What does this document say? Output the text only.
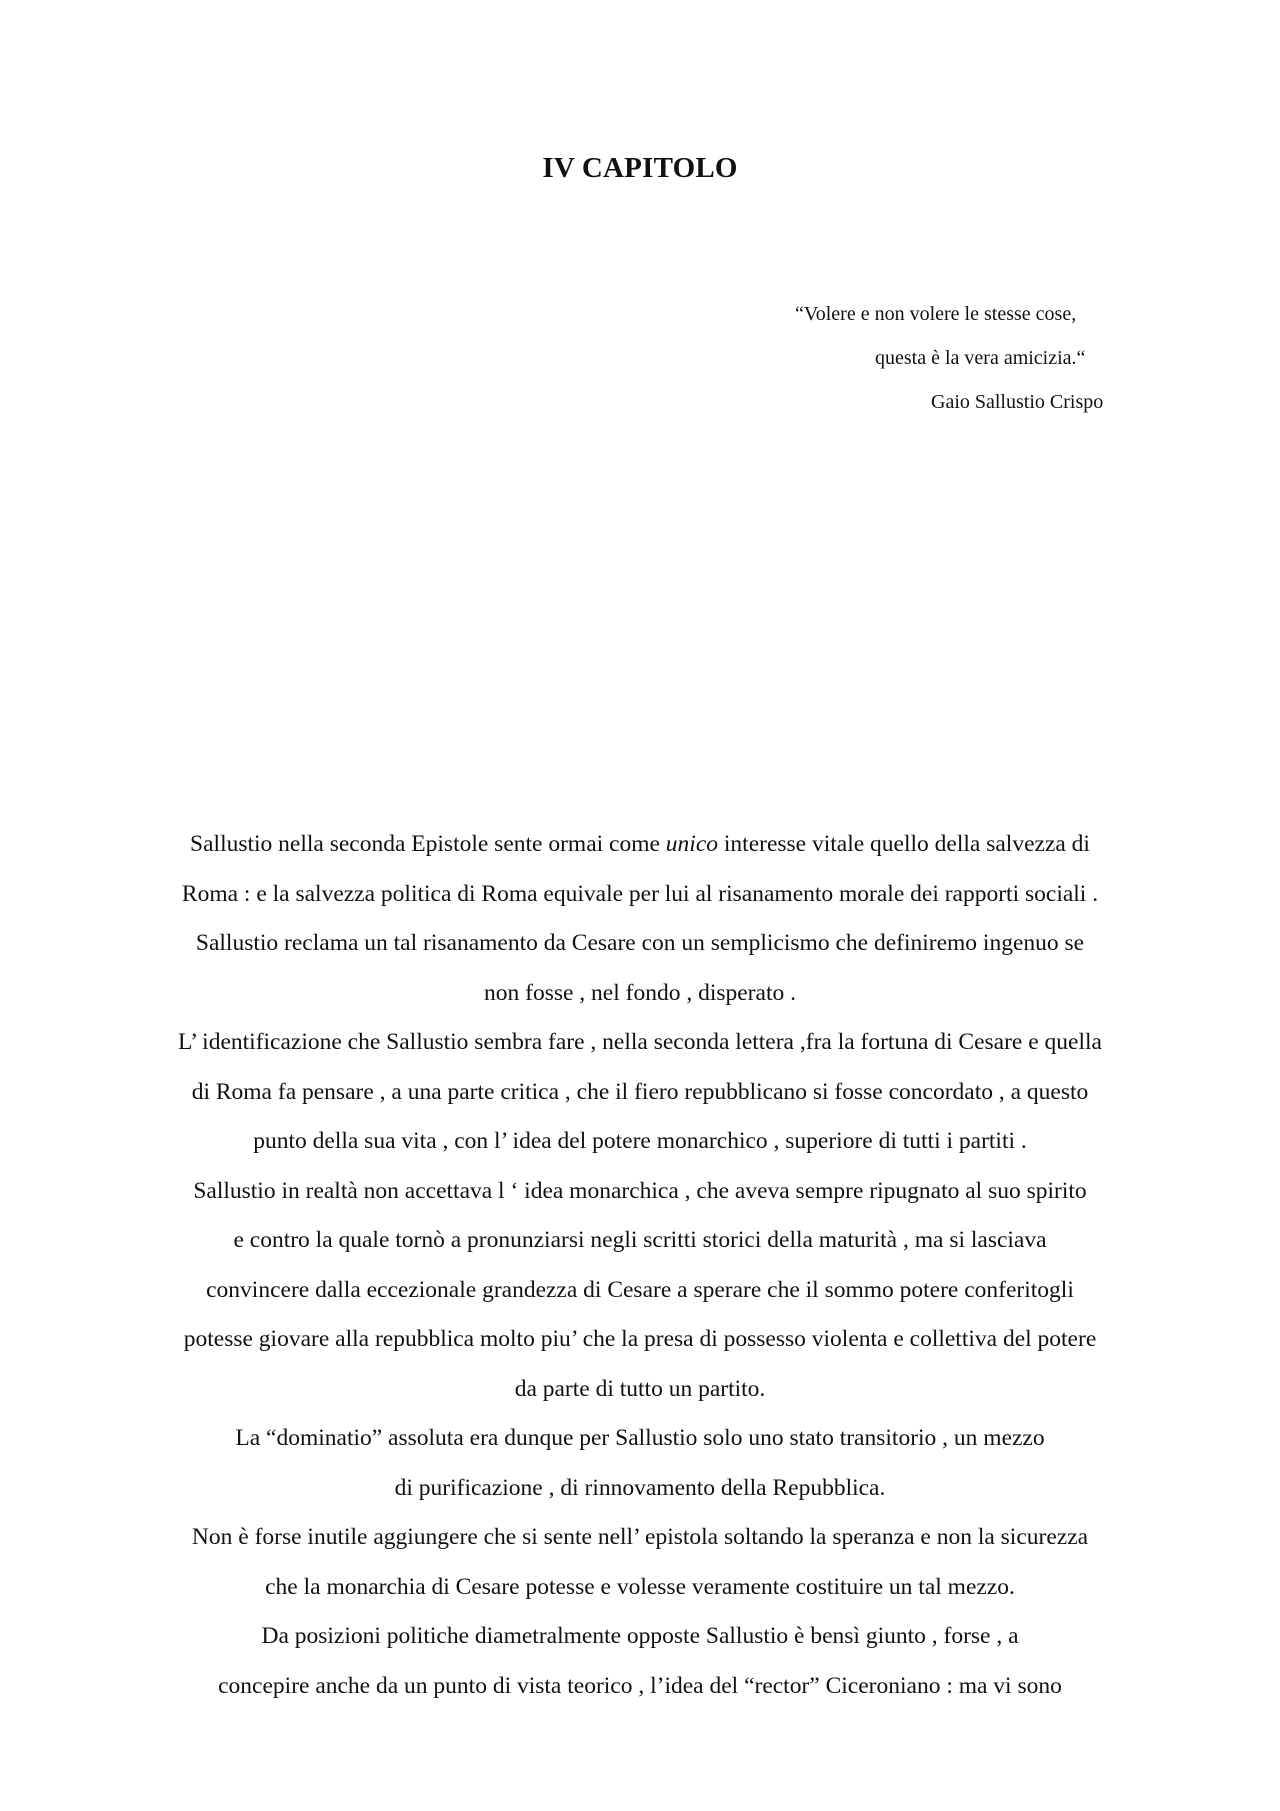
IV CAPITOLO
“Volere e non volere le stesse cose,
questa è la vera amicizia.“
Gaio Sallustio Crispo
Sallustio nella seconda Epistole sente ormai come unico interesse vitale quello della salvezza di
Roma : e la salvezza politica di Roma equivale per lui al risanamento morale dei rapporti sociali .
Sallustio reclama un tal risanamento da Cesare con un semplicismo che definiremo ingenuo se
non fosse , nel fondo , disperato .
L’ identificazione che Sallustio sembra fare , nella seconda lettera ,fra la fortuna di Cesare e quella
di Roma fa pensare , a una parte critica , che il fiero repubblicano si fosse concordato , a questo
punto della sua vita , con l’ idea del potere monarchico , superiore di tutti i partiti .
Sallustio in realtà non accettava l ‘ idea monarchica , che aveva sempre ripugnato al suo spirito
e contro la quale tornò a pronunziarsi negli scritti storici della maturità , ma si lasciava
convincere dalla eccezionale grandezza di Cesare a sperare che il sommo potere conferitogli
potesse giovare alla repubblica molto piu’ che la presa di possesso violenta e collettiva del potere
da parte di tutto un partito.
La “dominatio” assoluta era dunque per Sallustio solo uno stato transitorio , un mezzo
di purificazione , di rinnovamento della Repubblica.
Non è forse inutile aggiungere che si sente nell’ epistola soltando la speranza e non la sicurezza
che la monarchia di Cesare potesse e volesse veramente costituire un tal mezzo.
Da posizioni politiche diametralmente opposte Sallustio è bensì giunto , forse , a
concepire anche da un punto di vista teorico , l’idea del “rector” Ciceroniano : ma vi sono
